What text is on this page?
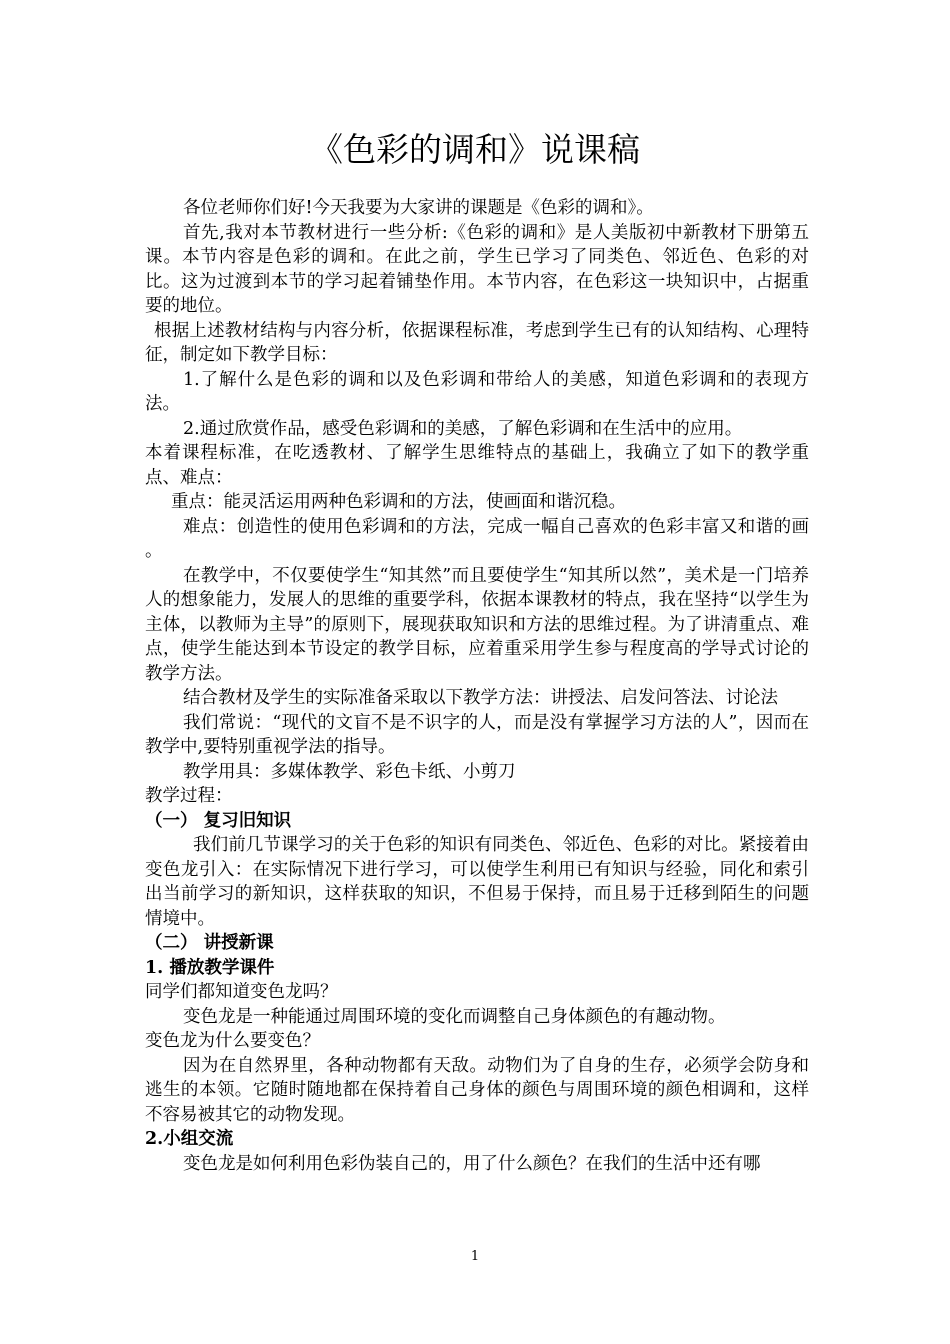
《色彩的调和》说课稿

各位老师你们好!今天我要为大家讲的课题是《色彩的调和》。

首先,我对本节教材进行一些分析:《色彩的调和》是人美版初中新教材下册第五课。本节内容是色彩的调和。在此之前，学生已学习了同类色、邻近色、色彩的对比。这为过渡到本节的学习起着铺垫作用。本节内容，在色彩这一块知识中，占据重要的地位。

根据上述教材结构与内容分析，依据课程标准，考虑到学生已有的认知结构、心理特征，制定如下教学目标：

1.了解什么是色彩的调和以及色彩调和带给人的美感，知道色彩调和的表现方法。

2.通过欣赏作品，感受色彩调和的美感，了解色彩调和在生活中的应用。

本着课程标准，在吃透教材、了解学生思维特点的基础上，我确立了如下的教学重点、难点：

重点：能灵活运用两种色彩调和的方法，使画面和谐沉稳。

难点：创造性的使用色彩调和的方法，完成一幅自己喜欢的色彩丰富又和谐的画 。

在教学中，不仅要使学生“知其然”而且要使学生“知其所以然”，美术是一门培养人的想象能力，发展人的思维的重要学科，依据本课教材的特点，我在坚持“以学生为主体，以教师为主导”的原则下，展现获取知识和方法的思维过程。为了讲清重点、难点，使学生能达到本节设定的教学目标，应着重采用学生参与程度高的学导式讨论的教学方法。

结合教材及学生的实际准备采取以下教学方法：讲授法、启发问答法、讨论法

我们常说：“现代的文盲不是不识字的人，而是没有掌握学习方法的人”，因而在教学中,要特别重视学法的指导。

教学用具：多媒体教学、彩色卡纸、小剪刀

教学过程：

（一） 复习旧知识

我们前几节课学习的关于色彩的知识有同类色、邻近色、色彩的对比。紧接着由变色龙引入：在实际情况下进行学习，可以使学生利用已有知识与经验，同化和索引出当前学习的新知识，这样获取的知识，不但易于保持，而且易于迁移到陌生的问题情境中。

（二） 讲授新课

1. 播放教学课件

同学们都知道变色龙吗？

变色龙是一种能通过周围环境的变化而调整自己身体颜色的有趣动物。

变色龙为什么要变色？

因为在自然界里，各种动物都有天敌。动物们为了自身的生存，必须学会防身和逃生的本领。它随时随地都在保持着自己身体的颜色与周围环境的颜色相调和，这样不容易被其它的动物发现。

2.小组交流

变色龙是如何利用色彩伪装自己的，用了什么颜色？在我们的生活中还有哪

1
